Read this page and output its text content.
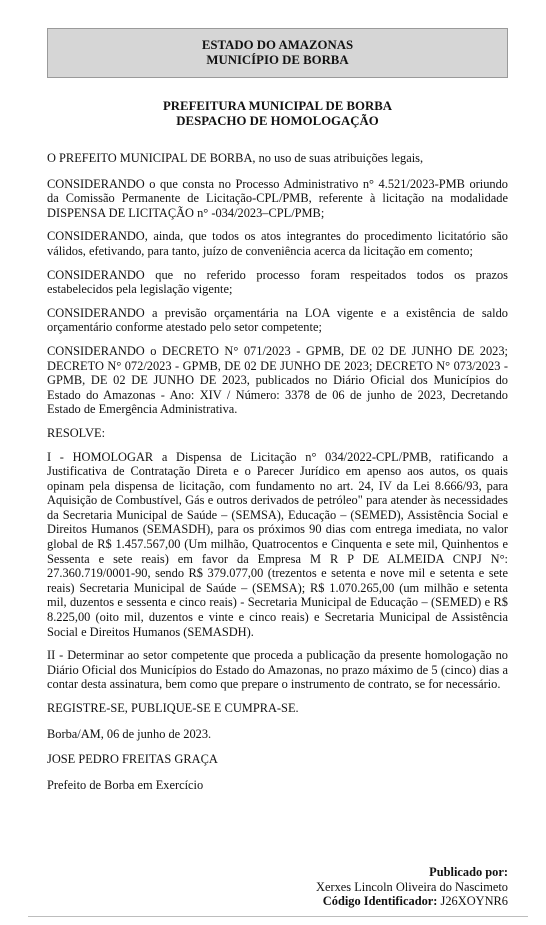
ESTADO DO AMAZONAS
MUNICÍPIO DE BORBA
PREFEITURA MUNICIPAL DE BORBA
DESPACHO DE HOMOLOGAÇÃO

O PREFEITO MUNICIPAL DE BORBA, no uso de suas atribuições legais,

CONSIDERANDO o que consta no Processo Administrativo n° 4.521/2023-PMB oriundo da Comissão Permanente de Licitação-CPL/PMB, referente à licitação na modalidade DISPENSA DE LICITAÇÃO n° -034/2023–CPL/PMB;

CONSIDERANDO, ainda, que todos os atos integrantes do procedimento licitatório são válidos, efetivando, para tanto, juízo de conveniência acerca da licitação em comento;

CONSIDERANDO que no referido processo foram respeitados todos os prazos estabelecidos pela legislação vigente;

CONSIDERANDO a previsão orçamentária na LOA vigente e a existência de saldo orçamentário conforme atestado pelo setor competente;

CONSIDERANDO o DECRETO N° 071/2023 - GPMB, DE 02 DE JUNHO DE 2023; DECRETO N° 072/2023 - GPMB, DE 02 DE JUNHO DE 2023; DECRETO N° 073/2023 - GPMB, DE 02 DE JUNHO DE 2023, publicados no Diário Oficial dos Municípios do Estado do Amazonas - Ano: XIV / Número: 3378 de 06 de junho de 2023, Decretando Estado de Emergência Administrativa.

RESOLVE:

I - HOMOLOGAR a Dispensa de Licitação n° 034/2022-CPL/PMB, ratificando a Justificativa de Contratação Direta e o Parecer Jurídico em apenso aos autos, os quais opinam pela dispensa de licitação, com fundamento no art. 24, IV da Lei 8.666/93, para Aquisição de Combustível, Gás e outros derivados de petróleo" para atender às necessidades da Secretaria Municipal de Saúde – (SEMSA), Educação – (SEMED), Assistência Social e Direitos Humanos (SEMASDH), para os próximos 90 dias com entrega imediata, no valor global de R$ 1.457.567,00 (Um milhão, Quatrocentos e Cinquenta e sete mil, Quinhentos e Sessenta e sete reais) em favor da Empresa M R P DE ALMEIDA CNPJ N°: 27.360.719/0001-90, sendo R$ 379.077,00 (trezentos e setenta e nove mil e setenta e sete reais) Secretaria Municipal de Saúde – (SEMSA); R$ 1.070.265,00 (um milhão e setenta mil, duzentos e sessenta e cinco reais) - Secretaria Municipal de Educação – (SEMED) e R$ 8.225,00 (oito mil, duzentos e vinte e cinco reais) e Secretaria Municipal de Assistência Social e Direitos Humanos (SEMASDH).

II - Determinar ao setor competente que proceda a publicação da presente homologação no Diário Oficial dos Municípios do Estado do Amazonas, no prazo máximo de 5 (cinco) dias a contar desta assinatura, bem como que prepare o instrumento de contrato, se for necessário.

REGISTRE-SE, PUBLIQUE-SE E CUMPRA-SE.

Borba/AM, 06 de junho de 2023.

JOSE PEDRO FREITAS GRAÇA

Prefeito de Borba em Exercício

Publicado por:
Xerxes Lincoln Oliveira do Nascimeto
Código Identificador: J26XOYNR6
